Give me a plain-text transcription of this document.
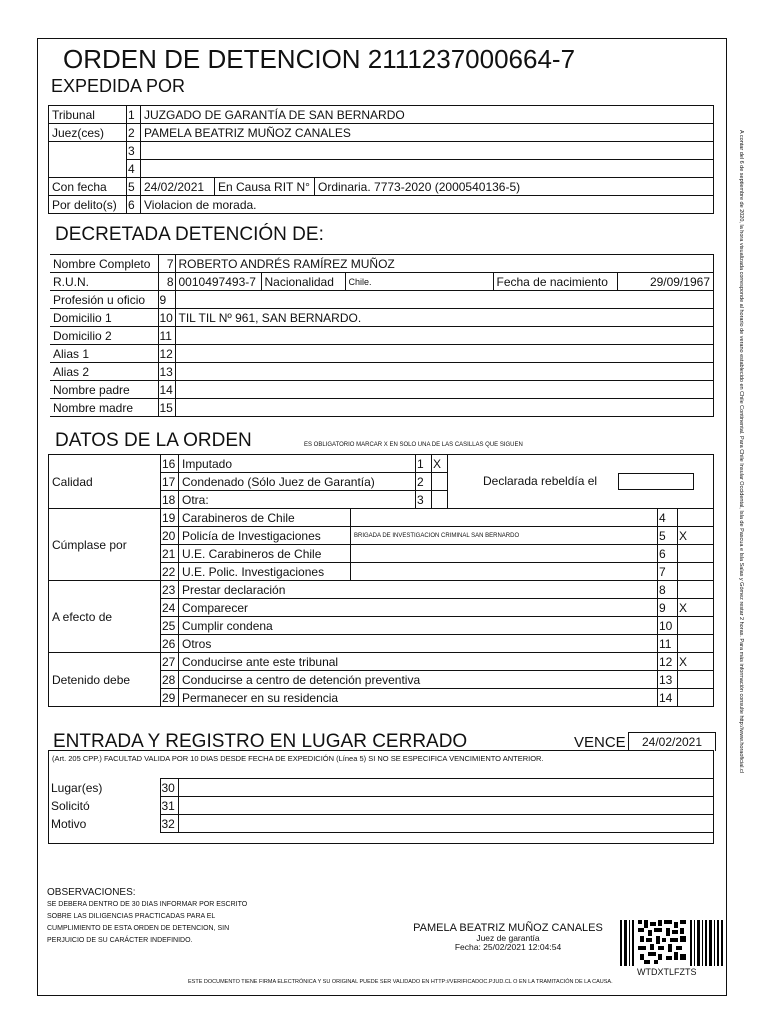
ORDEN DE DETENCION 2111237000664-7
EXPEDIDA POR
Tribunal	1	JUZGADO DE GARANTÍA DE SAN BERNARDO		
Juez(ces)	2	PAMELA BEATRIZ MUÑOZ CANALES		
	3			
	4			
Con fecha	5	24/02/2021	En Causa RIT N°	Ordinaria. 7773-2020 (2000540136-5)
Por delito(s)	6	Violacion de morada.		
DECRETADA DETENCIÓN DE:
Nombre Completo	7	ROBERTO ANDRÉS RAMÍREZ MUÑOZ				
R.U.N.	8	0010497493-7	Nacionalidad	Chile.	Fecha de nacimiento	29/09/1967
Profesión u oficio	9					
Domicilio 1	10	TIL TIL Nº 961, SAN BERNARDO.				
Domicilio 2	11					
Alias 1	12					
Alias 2	13					
Nombre padre	14					
Nombre madre	15					
DATOS DE LA ORDEN	ES OBLIGATORIO MARCAR X EN SOLO UNA DE LAS CASILLAS QUE SIGUEN
Calidad	16	Imputado		1	X			
	17	Condenado (Sólo Juez de Garantía)		2		Declarada rebeldía el		
	18	Otra:		3				
Cúmplase por	19	Carabineros de Chile					4	
	20	Policía de Investigaciones	BRIGADA DE INVESTIGACION CRIMINAL SAN BERNARDO				5	X
	21	U.E. Carabineros de Chile					6	
	22	U.E. Polic. Investigaciones					7	
A efecto de	23	Prestar declaración					8	
	24	Comparecer					9	X
	25	Cumplir condena					10	
	26	Otros					11	
Detenido debe	27	Conducirse ante este tribunal					12	X
	28	Conducirse a centro de detención preventiva					13	
	29	Permanecer en su residencia					14	
ENTRADA Y REGISTRO EN LUGAR CERRADO	VENCE	24/02/2021
(Art. 205 CPP.) FACULTAD VALIDA POR 10 DIAS DESDE FECHA DE EXPEDICIÓN (Línea 5) SI NO SE ESPECIFICA VENCIMIENTO ANTERIOR.
Lugar(es)	30	
Solicitó	31	
Motivo	32	
OBSERVACIONES:
SE DEBERA DENTRO DE 30 DIAS INFORMAR POR ESCRITO
SOBRE LAS DILIGENCIAS PRACTICADAS PARA EL
CUMPLIMIENTO DE ESTA ORDEN DE DETENCION, SIN
PERJUICIO DE SU CARÁCTER INDEFINIDO.
PAMELA BEATRIZ MUÑOZ CANALES
Juez de garantía
Fecha: 25/02/2021 12:04:54
WTDXTLFZTS
ESTE DOCUMENTO TIENE FIRMA ELECTRÓNICA Y SU ORIGINAL PUEDE SER VALIDADO EN HTTP://VERIFICADOC.PJUD.CL O EN LA TRAMITACIÓN DE LA CAUSA.
A contar del 6 de septiembre de 2020, la hora visualizada corresponde al horario de verano establecido en Chile Continental. Para Chile Insular Occidental, Isla de Pascua e Isla Salas y Gómez restar 2 horas. Para más información consulte http://www.horaoficial.cl
